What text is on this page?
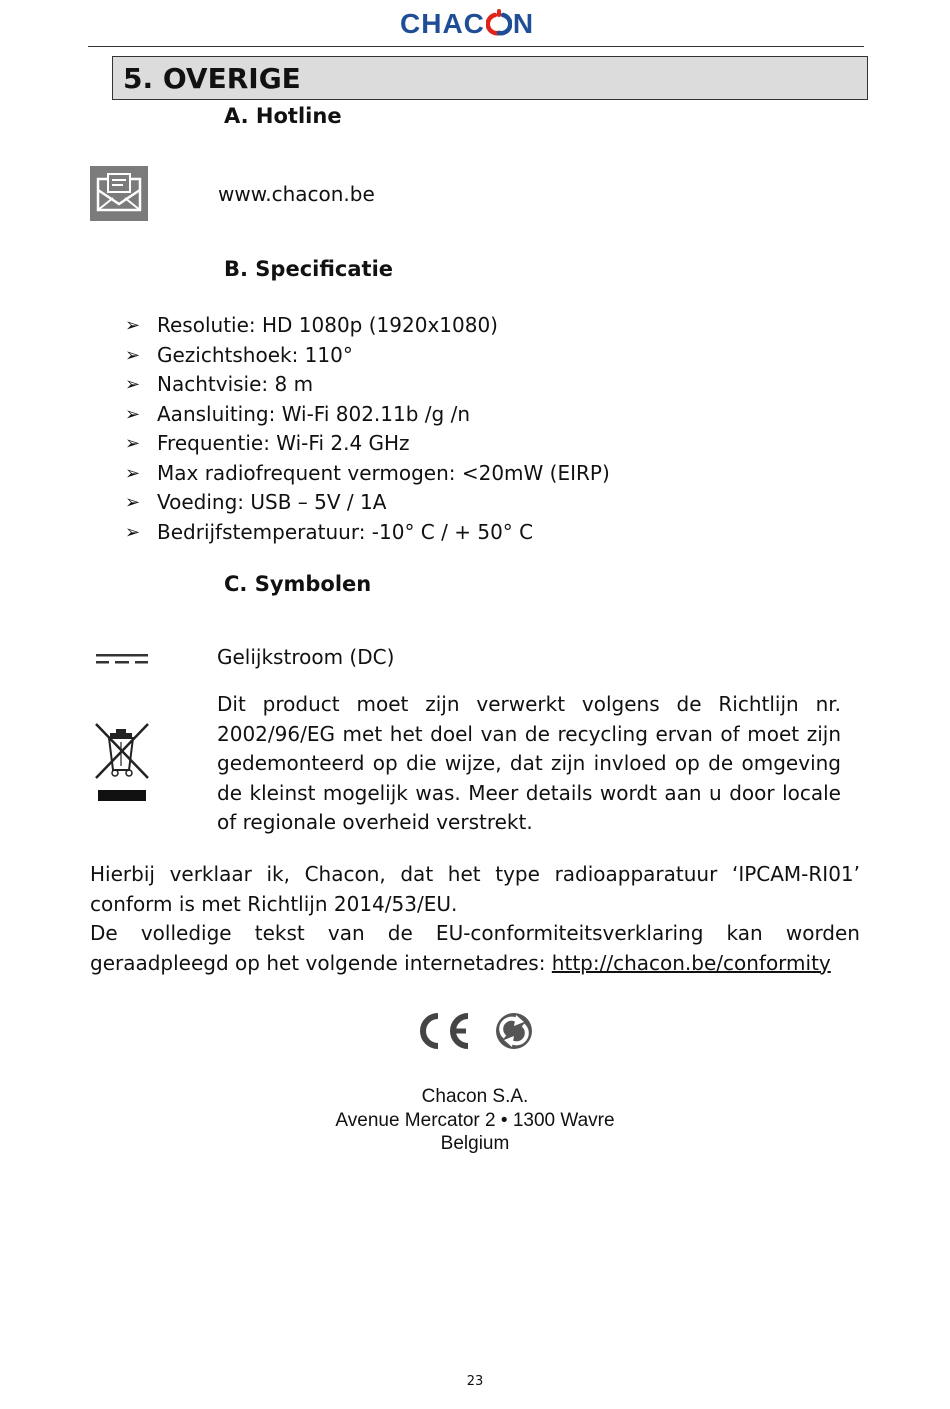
CHAC N
5. OVERIGE
A. Hotline
www.chacon.be
B. Specificatie
➢ Resolutie: HD 1080p (1920x1080)
➢ Gezichtshoek: 110°
➢ Nachtvisie: 8 m
➢ Aansluiting: Wi-Fi 802.11b /g /n
➢ Frequentie: Wi-Fi 2.4 GHz
➢ Max radiofrequent vermogen: <20mW (EIRP)
➢ Voeding: USB – 5V / 1A
➢ Bedrijfstemperatuur: -10° C / + 50° C
C. Symbolen
Gelijkstroom (DC)
Dit product moet zijn verwerkt volgens de Richtlijn nr. 2002/96/EG met het doel van de recycling ervan of moet zijn gedemonteerd op die wijze, dat zijn invloed op de omgeving de kleinst mogelijk was. Meer details wordt aan u door locale of regionale overheid verstrekt.

Hierbij verklaar ik, Chacon, dat het type radioapparatuur ‘IPCAM-RI01’ conform is met Richtlijn 2014/53/EU.

De volledige tekst van de EU-conformiteitsverklaring kan worden geraadpleegd op het volgende internetadres: http://chacon.be/conformity

Chacon S.A.
Avenue Mercator 2 • 1300 Wavre
Belgium
23
